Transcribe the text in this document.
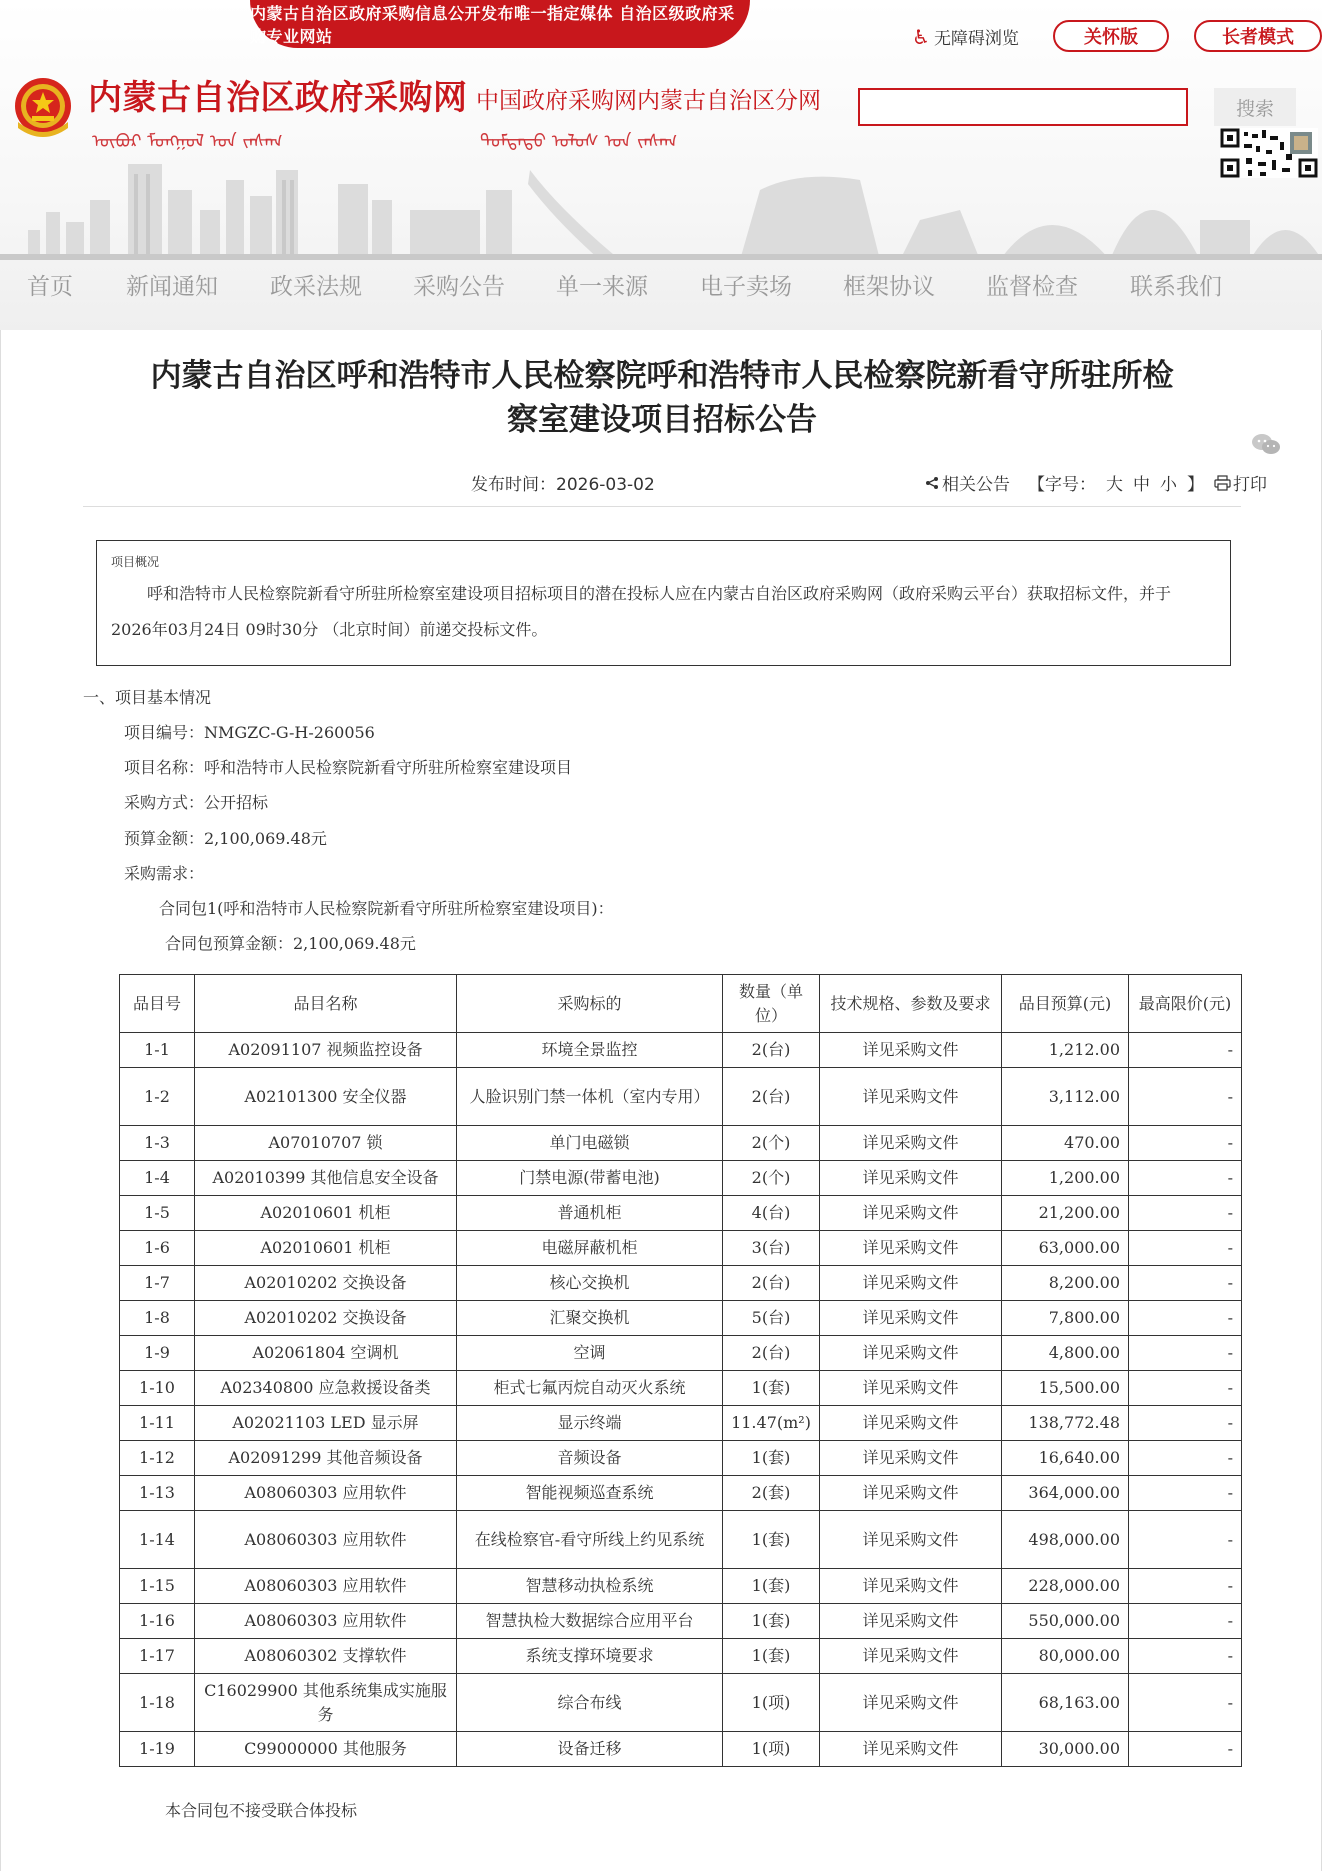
内蒙古自治区政府采购信息公开发布唯一指定媒体 自治区级政府采购专业网站	♿ 无障碍浏览	关怀版	长者模式
内蒙古自治区政府采购网 中国政府采购网内蒙古自治区分网
ᠥᠪᠥᠷ ᠮᠣᠩᠭᠣᠯ ᠤᠨ ᠵᠠᠰᠠᠭ	ᠳᠤᠮᠳᠠᠳᠤ ᠤᠯᠤᠰ ᠤᠨ ᠵᠠᠰᠠᠭ
搜索
首页 新闻通知 政采法规 采购公告 单一来源 电子卖场 框架协议 监督检查 联系我们
内蒙古自治区呼和浩特市人民检察院呼和浩特市人民检察院新看守所驻所检
察室建设项目招标公告
发布时间：2026-03-02	相关公告 【字号： 大 中 小 】 打印
项目概况
呼和浩特市人民检察院新看守所驻所检察室建设项目招标项目的潜在投标人应在内蒙古自治区政府采购网（政府采购云平台）获取招标文件，并于 2026年03月24日 09时30分 （北京时间）前递交投标文件。
一、项目基本情况
项目编号：NMGZC-G-H-260056
项目名称：呼和浩特市人民检察院新看守所驻所检察室建设项目
采购方式：公开招标
预算金额：2,100,069.48元
采购需求：
合同包1(呼和浩特市人民检察院新看守所驻所检察室建设项目)：
合同包预算金额：2,100,069.48元
品目号	品目名称	采购标的	数量（单位）	技术规格、参数及要求	品目预算(元)	最高限价(元)
1-1	A02091107 视频监控设备	环境全景监控	2(台)	详见采购文件	1,212.00	-
1-2	A02101300 安全仪器	人脸识别门禁一体机（室内专用）	2(台)	详见采购文件	3,112.00	-
1-3	A07010707 锁	单门电磁锁	2(个)	详见采购文件	470.00	-
1-4	A02010399 其他信息安全设备	门禁电源(带蓄电池)	2(个)	详见采购文件	1,200.00	-
1-5	A02010601 机柜	普通机柜	4(台)	详见采购文件	21,200.00	-
1-6	A02010601 机柜	电磁屏蔽机柜	3(台)	详见采购文件	63,000.00	-
1-7	A02010202 交换设备	核心交换机	2(台)	详见采购文件	8,200.00	-
1-8	A02010202 交换设备	汇聚交换机	5(台)	详见采购文件	7,800.00	-
1-9	A02061804 空调机	空调	2(台)	详见采购文件	4,800.00	-
1-10	A02340800 应急救援设备类	柜式七氟丙烷自动灭火系统	1(套)	详见采购文件	15,500.00	-
1-11	A02021103 LED 显示屏	显示终端	11.47(m²)	详见采购文件	138,772.48	-
1-12	A02091299 其他音频设备	音频设备	1(套)	详见采购文件	16,640.00	-
1-13	A08060303 应用软件	智能视频巡查系统	2(套)	详见采购文件	364,000.00	-
1-14	A08060303 应用软件	在线检察官-看守所线上约见系统	1(套)	详见采购文件	498,000.00	-
1-15	A08060303 应用软件	智慧移动执检系统	1(套)	详见采购文件	228,000.00	-
1-16	A08060303 应用软件	智慧执检大数据综合应用平台	1(套)	详见采购文件	550,000.00	-
1-17	A08060302 支撑软件	系统支撑环境要求	1(套)	详见采购文件	80,000.00	-
1-18	C16029900 其他系统集成实施服务	综合布线	1(项)	详见采购文件	68,163.00	-
1-19	C99000000 其他服务	设备迁移	1(项)	详见采购文件	30,000.00	-
本合同包不接受联合体投标
